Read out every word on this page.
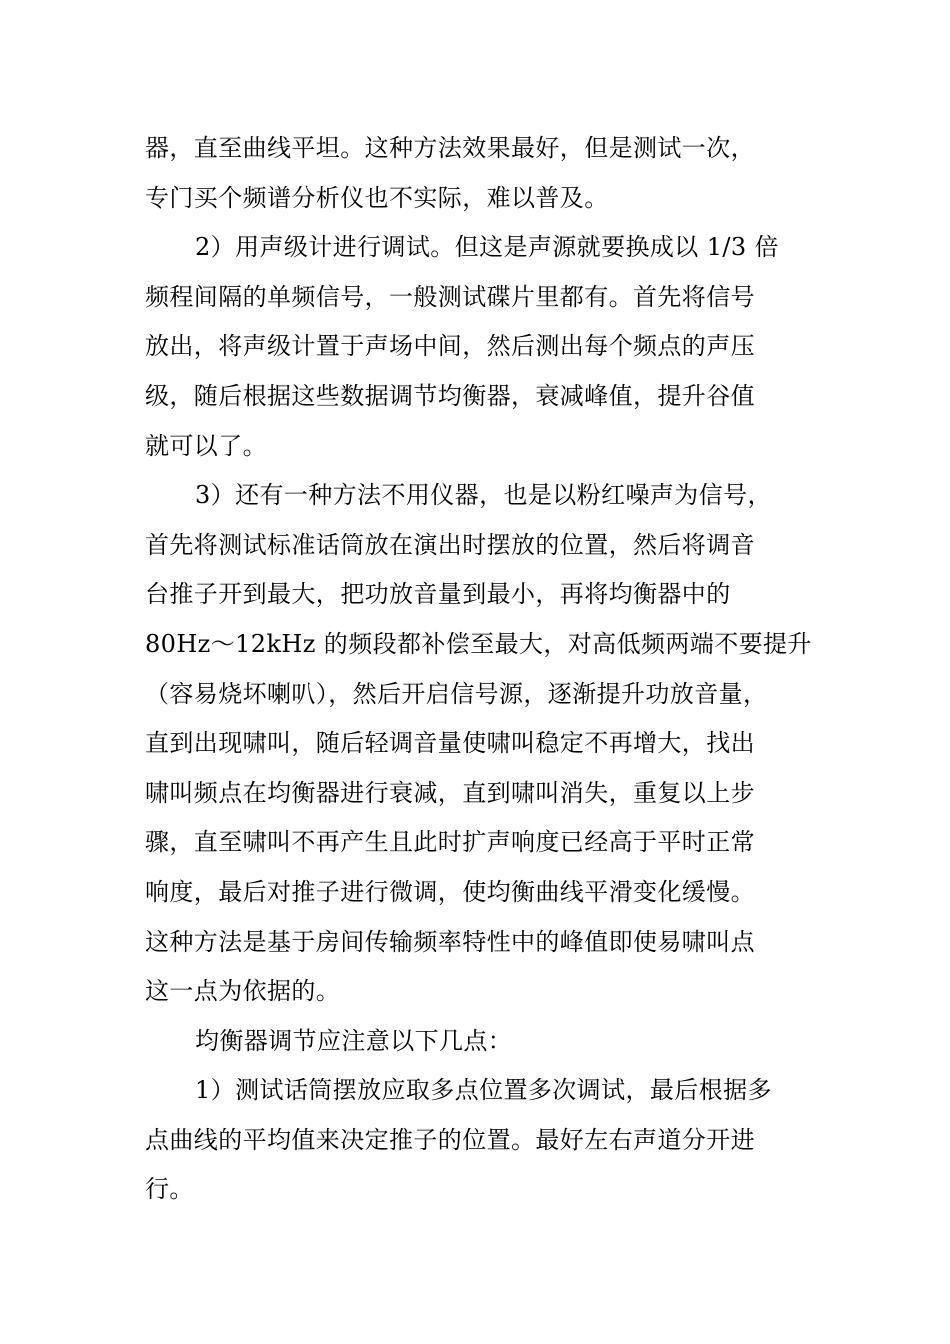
器，直至曲线平坦。这种方法效果最好，但是测试一次，
专门买个频谱分析仪也不实际，难以普及。
2）用声级计进行调试。但这是声源就要换成以 1/3 倍
频程间隔的单频信号，一般测试碟片里都有。首先将信号
放出，将声级计置于声场中间，然后测出每个频点的声压
级，随后根据这些数据调节均衡器，衰减峰值，提升谷值
就可以了。
3）还有一种方法不用仪器，也是以粉红噪声为信号，
首先将测试标准话筒放在演出时摆放的位置，然后将调音
台推子开到最大，把功放音量到最小，再将均衡器中的
80Hz～12kHz 的频段都补偿至最大，对高低频两端不要提升
（容易烧坏喇叭），然后开启信号源，逐渐提升功放音量，
直到出现啸叫，随后轻调音量使啸叫稳定不再增大，找出
啸叫频点在均衡器进行衰减，直到啸叫消失，重复以上步
骤，直至啸叫不再产生且此时扩声响度已经高于平时正常
响度，最后对推子进行微调，使均衡曲线平滑变化缓慢。
这种方法是基于房间传输频率特性中的峰值即使易啸叫点
这一点为依据的。
均衡器调节应注意以下几点：
1）测试话筒摆放应取多点位置多次调试，最后根据多
点曲线的平均值来决定推子的位置。最好左右声道分开进
行。
